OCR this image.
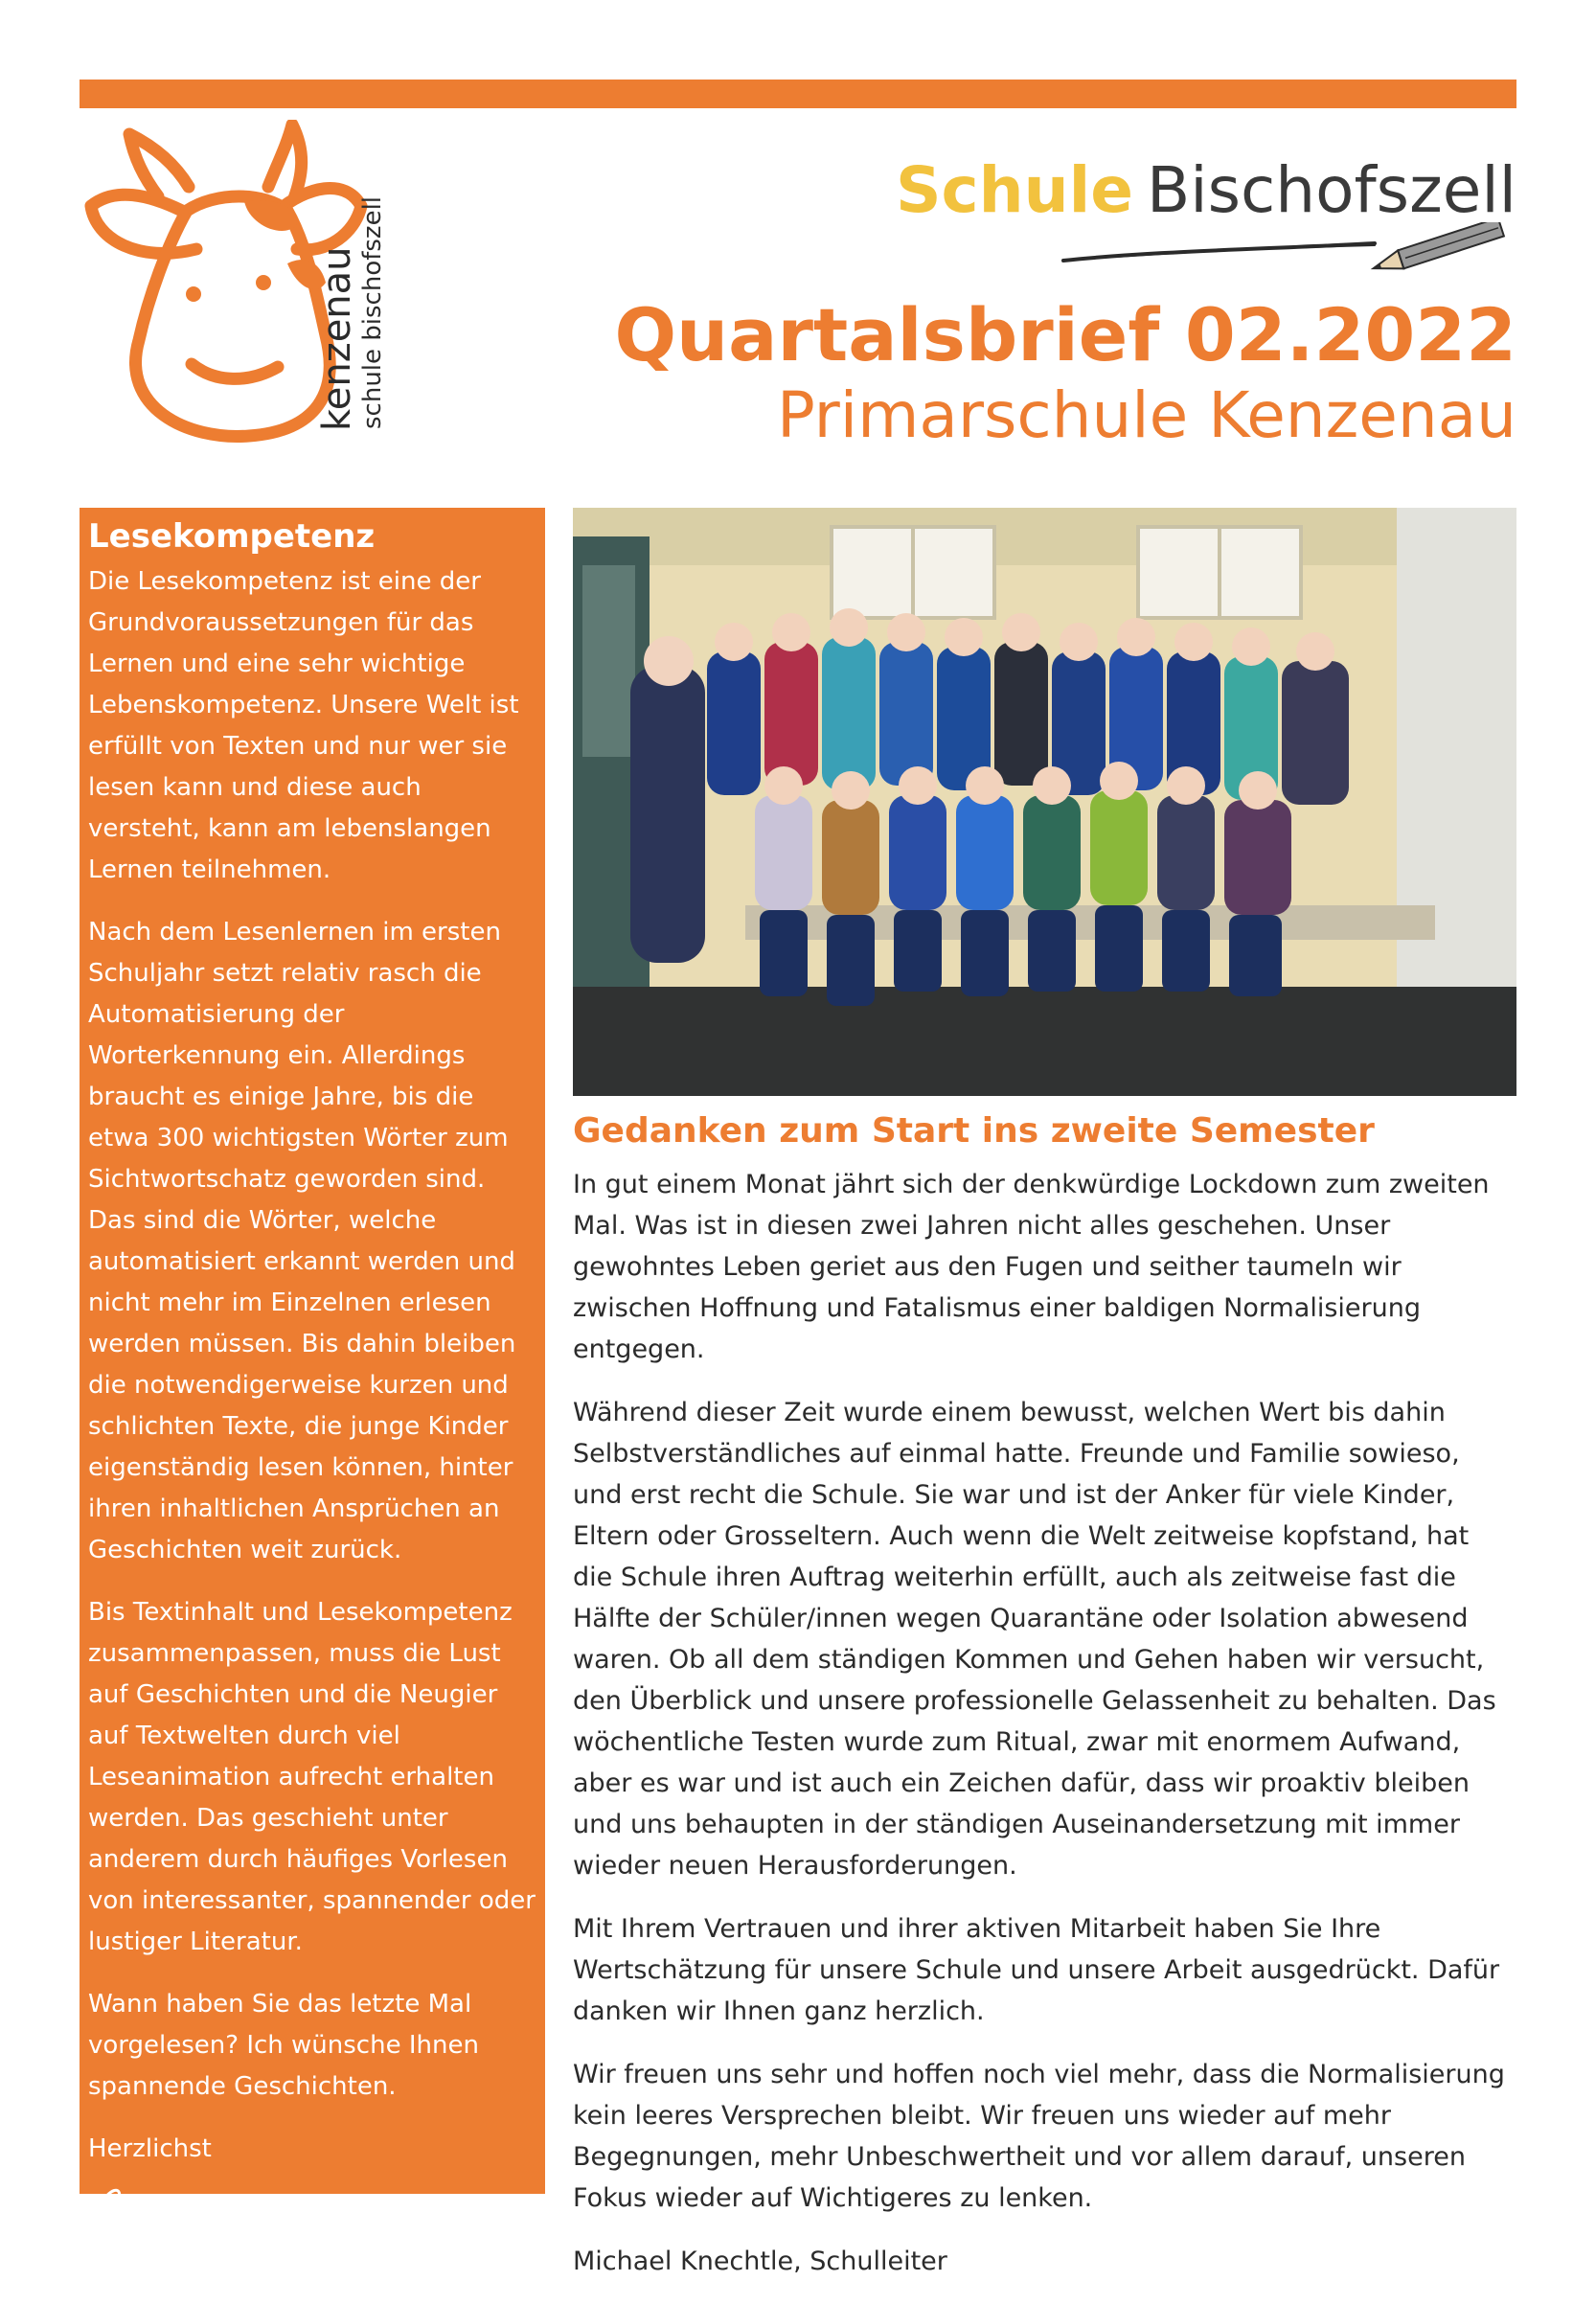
kenzenau schule bischofszell
Schule Bischofszell
Quartalsbrief 02.2022
Primarschule Kenzenau
Lesekompetenz

Die Lesekompetenz ist eine der Grundvoraussetzungen für das Lernen und eine sehr wichtige Lebenskompetenz. Unsere Welt ist erfüllt von Texten und nur wer sie lesen kann und diese auch versteht, kann am lebenslangen Lernen teilnehmen.

Nach dem Lesenlernen im ersten Schuljahr setzt relativ rasch die Automatisierung der Worterkennung ein. Allerdings braucht es einige Jahre, bis die etwa 300 wichtigsten Wörter zum Sichtwortschatz geworden sind. Das sind die Wörter, welche automatisiert erkannt werden und nicht mehr im Einzelnen erlesen werden müssen. Bis dahin bleiben die notwendigerweise kurzen und schlichten Texte, die junge Kinder eigenständig lesen können, hinter ihren inhaltlichen Ansprüchen an Geschichten weit zurück.

Bis Textinhalt und Lesekompetenz zusammenpassen, muss die Lust auf Geschichten und die Neugier auf Textwelten durch viel Leseanimation aufrecht erhalten werden. Das geschieht unter anderem durch häufiges Vorlesen von interessanter, spannender oder lustiger Literatur.

Wann haben Sie das letzte Mal vorgelesen? Ich wünsche Ihnen spannende Geschichten.

Herzlichst

Michael Knechtle, Schulleiter
Gedanken zum Start ins zweite Semester

In gut einem Monat jährt sich der denkwürdige Lockdown zum zweiten Mal. Was ist in diesen zwei Jahren nicht alles geschehen. Unser gewohntes Leben geriet aus den Fugen und seither taumeln wir zwischen Hoffnung und Fatalismus einer baldigen Normalisierung entgegen.

Während dieser Zeit wurde einem bewusst, welchen Wert bis dahin Selbstverständliches auf einmal hatte. Freunde und Familie sowieso, und erst recht die Schule. Sie war und ist der Anker für viele Kinder, Eltern oder Grosseltern. Auch wenn die Welt zeitweise kopfstand, hat die Schule ihren Auftrag weiterhin erfüllt, auch als zeitweise fast die Hälfte der Schüler/innen wegen Quarantäne oder Isolation abwesend waren. Ob all dem ständigen Kommen und Gehen haben wir versucht, den Überblick und unsere professionelle Gelassenheit zu behalten. Das wöchentliche Testen wurde zum Ritual, zwar mit enormem Aufwand, aber es war und ist auch ein Zeichen dafür, dass wir proaktiv bleiben und uns behaupten in der ständigen Auseinandersetzung mit immer wieder neuen Herausforderungen.

Mit Ihrem Vertrauen und ihrer aktiven Mitarbeit haben Sie Ihre Wertschätzung für unsere Schule und unsere Arbeit ausgedrückt. Dafür danken wir Ihnen ganz herzlich.

Wir freuen uns sehr und hoffen noch viel mehr, dass die Normalisierung kein leeres Versprechen bleibt. Wir freuen uns wieder auf mehr Begegnungen, mehr Unbeschwertheit und vor allem darauf, unseren Fokus wieder auf Wichtigeres zu lenken.

Michael Knechtle, Schulleiter
